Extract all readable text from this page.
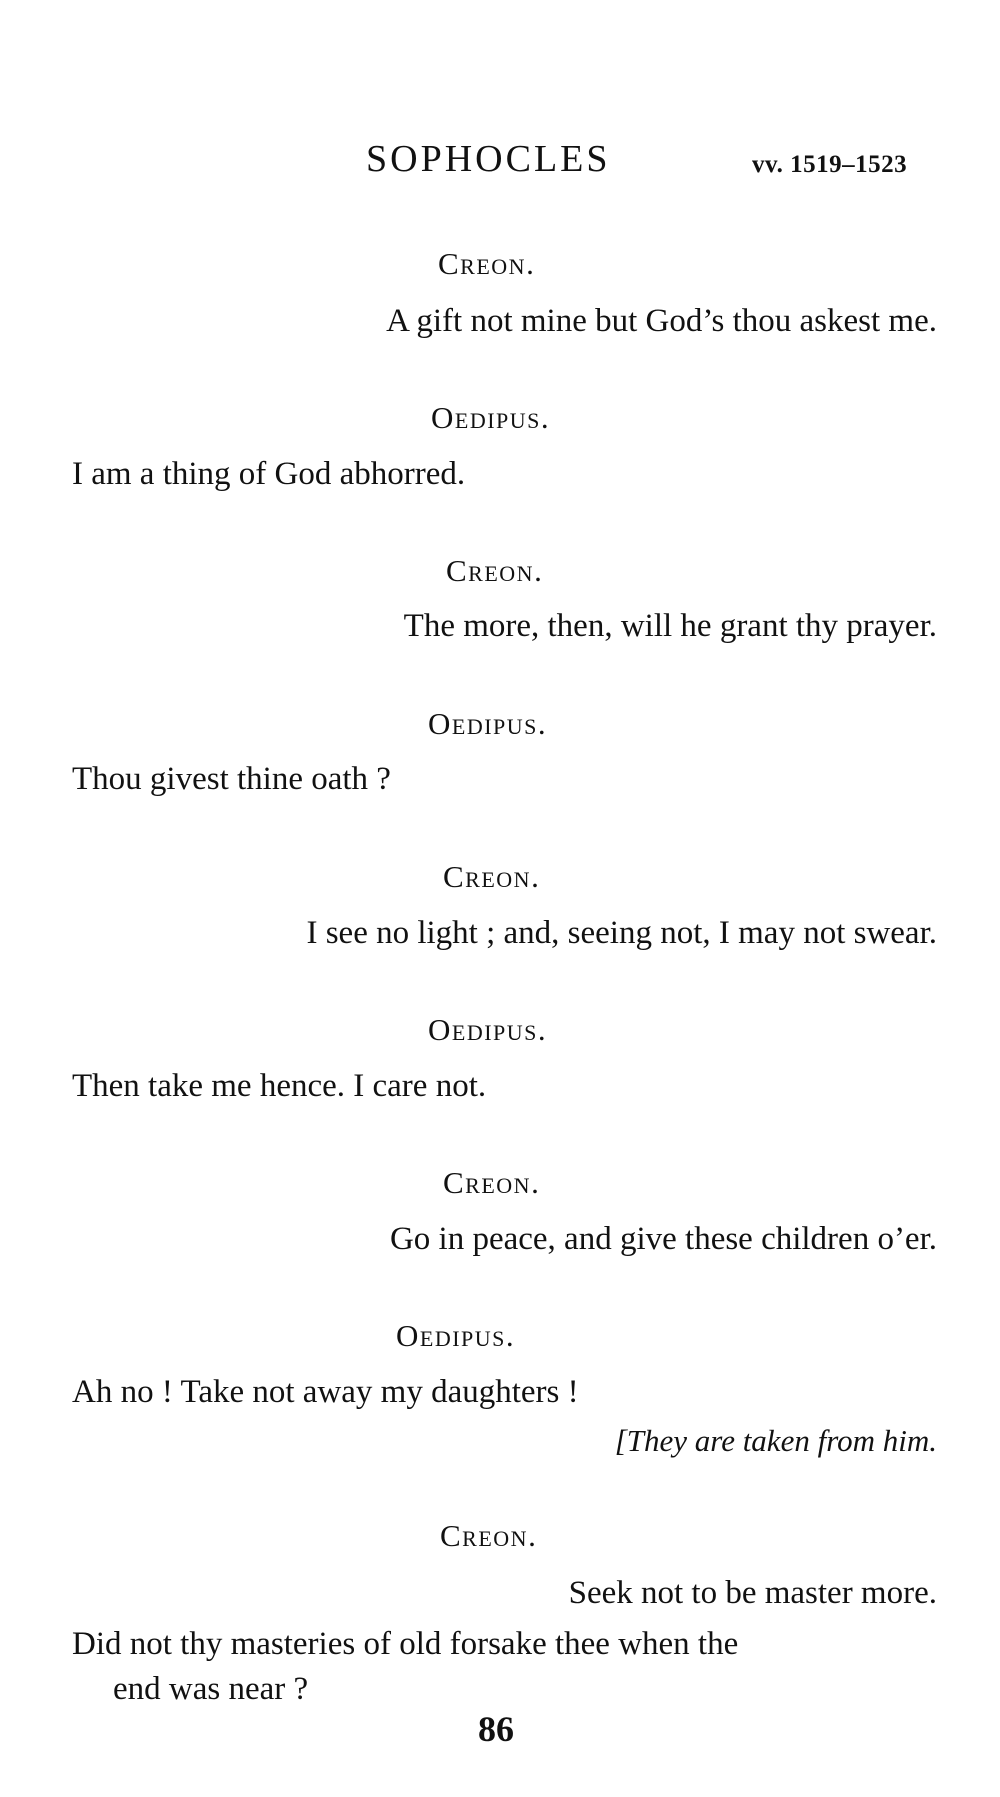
SOPHOCLES	vv. 1519–1523
Creon.
A gift not mine but God’s thou askest me.
Oedipus.
I am a thing of God abhorred.
Creon.
The more, then, will he grant thy prayer.
Oedipus.
Thou givest thine oath ?
Creon.
I see no light ; and, seeing not, I may not swear.
Oedipus.
Then take me hence. I care not.
Creon.
Go in peace, and give these children o’er.
Oedipus.
Ah no ! Take not away my daughters !
[They are taken from him.
Creon.
Seek not to be master more.
Did not thy masteries of old forsake thee when the
end was near ?
86
